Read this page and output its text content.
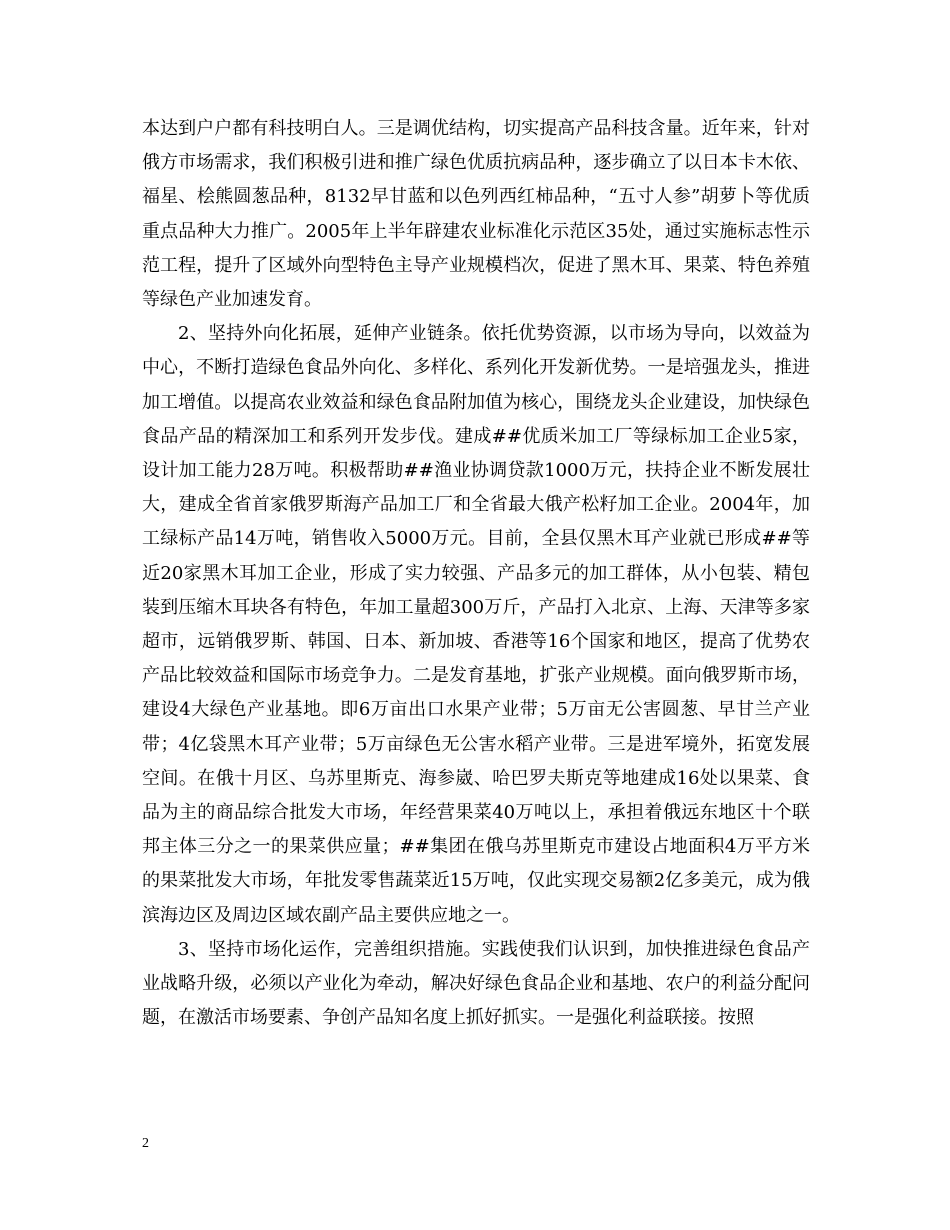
本达到户户都有科技明白人。三是调优结构，切实提高产品科技含量。近年来，针对俄方市场需求，我们积极引进和推广绿色优质抗病品种，逐步确立了以日本卡木依、福星、桧熊圆葱品种，8132早甘蓝和以色列西红柿品种，“五寸人参”胡萝卜等优质重点品种大力推广。2005年上半年辟建农业标准化示范区35处，通过实施标志性示范工程，提升了区域外向型特色主导产业规模档次，促进了黑木耳、果菜、特色养殖等绿色产业加速发育。

2、坚持外向化拓展，延伸产业链条。依托优势资源，以市场为导向，以效益为中心，不断打造绿色食品外向化、多样化、系列化开发新优势。一是培强龙头，推进加工增值。以提高农业效益和绿色食品附加值为核心，围绕龙头企业建设，加快绿色食品产品的精深加工和系列开发步伐。建成##优质米加工厂等绿标加工企业5家，设计加工能力28万吨。积极帮助##渔业协调贷款1000万元，扶持企业不断发展壮大，建成全省首家俄罗斯海产品加工厂和全省最大俄产松籽加工企业。2004年，加工绿标产品14万吨，销售收入5000万元。目前，全县仅黑木耳产业就已形成##等近20家黑木耳加工企业，形成了实力较强、产品多元的加工群体，从小包装、精包装到压缩木耳块各有特色，年加工量超300万斤，产品打入北京、上海、天津等多家超市，远销俄罗斯、韩国、日本、新加坡、香港等16个国家和地区，提高了优势农产品比较效益和国际市场竞争力。二是发育基地，扩张产业规模。面向俄罗斯市场，建设4大绿色产业基地。即6万亩出口水果产业带；5万亩无公害圆葱、早甘兰产业带；4亿袋黑木耳产业带；5万亩绿色无公害水稻产业带。三是进军境外，拓宽发展空间。在俄十月区、乌苏里斯克、海参崴、哈巴罗夫斯克等地建成16处以果菜、食品为主的商品综合批发大市场，年经营果菜40万吨以上，承担着俄远东地区十个联邦主体三分之一的果菜供应量；##集团在俄乌苏里斯克市建设占地面积4万平方米的果菜批发大市场，年批发零售蔬菜近15万吨，仅此实现交易额2亿多美元，成为俄滨海边区及周边区域农副产品主要供应地之一。

3、坚持市场化运作，完善组织措施。实践使我们认识到，加快推进绿色食品产业战略升级，必须以产业化为牵动，解决好绿色食品企业和基地、农户的利益分配问题，在激活市场要素、争创产品知名度上抓好抓实。一是强化利益联接。按照

2
